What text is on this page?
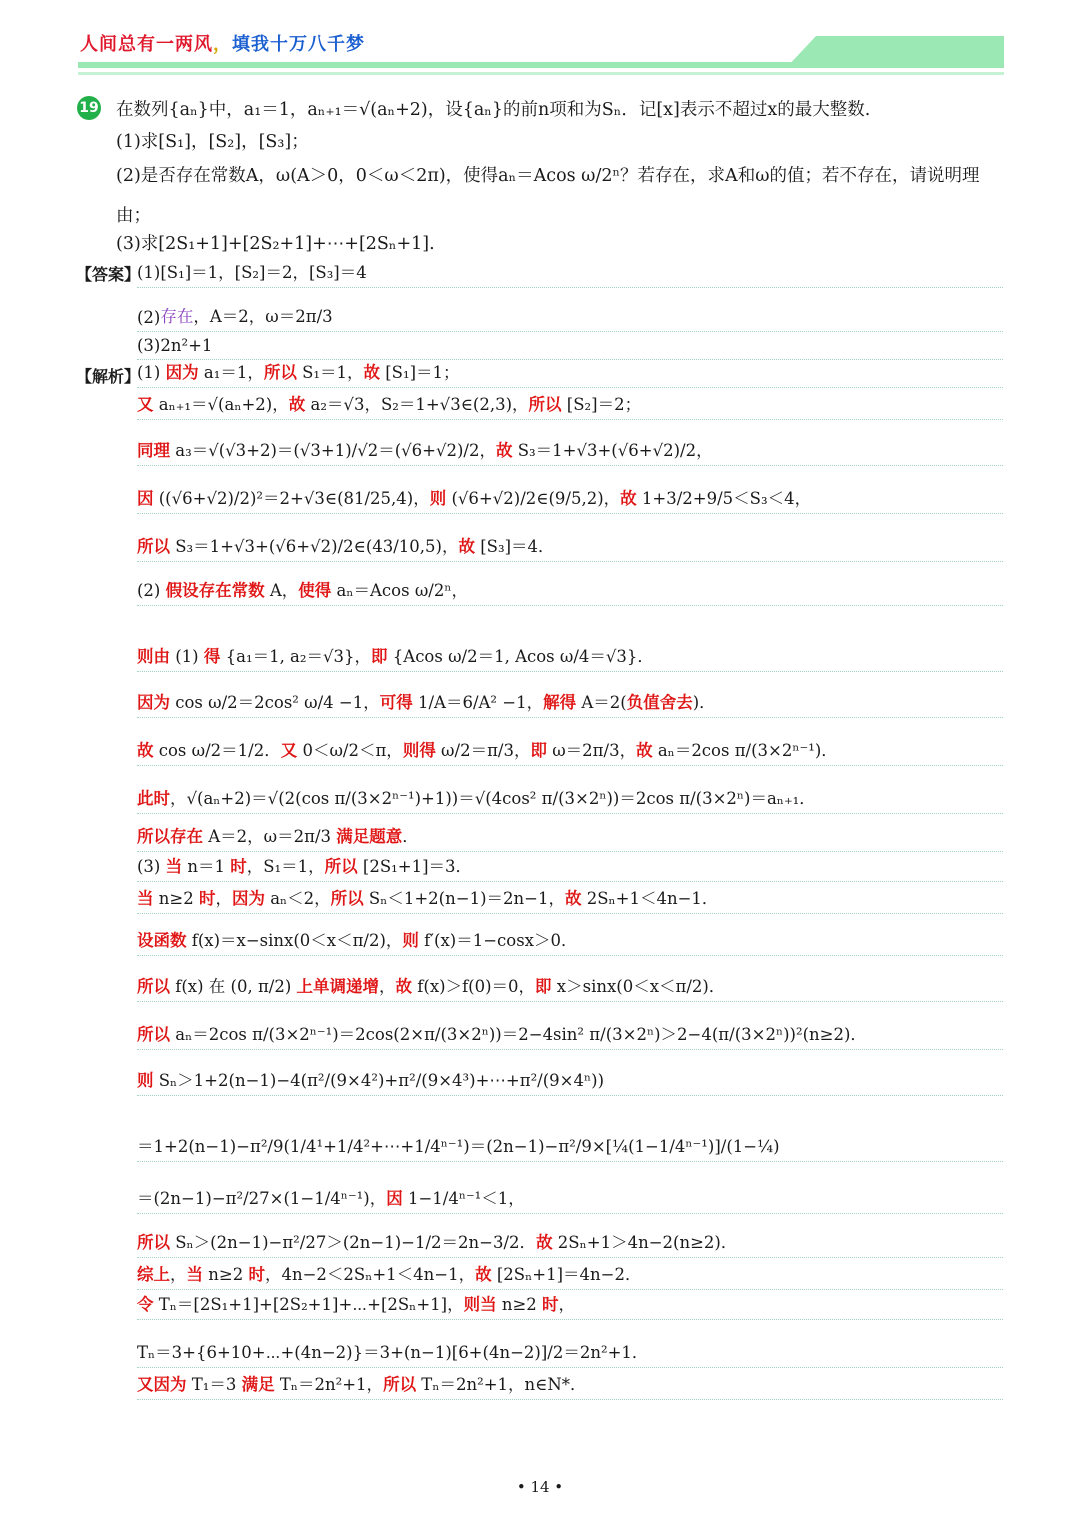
人间总有一两风，填我十万八千梦
19 在数列{aₙ}中，a₁＝1，aₙ₊₁＝√(aₙ+2)，设{aₙ}的前n项和为Sₙ．记[x]表示不超过x的最大整数.
(1)求[S₁]，[S₂]，[S₃]；
(2)是否存在常数A，ω(A＞0，0＜ω＜2π)，使得aₙ＝Acos ω/2ⁿ？若存在，求A和ω的值；若不存在，请说明理
由；
(3)求[2S₁+1]+[2S₂+1]+⋯+[2Sₙ+1].
【答案】
(1)[S₁]＝1，[S₂]＝2，[S₃]＝4
(2) 存在 ，A＝2，ω＝2π/3
(3)2n²+1
【解析】
(1) 因为 a₁＝1，所以 S₁＝1，故 [S₁]＝1；
又 aₙ₊₁＝√(aₙ+2)，故 a₂＝√3，S₂＝1+√3∈(2,3)，所以 [S₂]＝2；
同理 a₃＝√(√3+2)＝(√3+1)/√2＝(√6+√2)/2，故 S₃＝1+√3+(√6+√2)/2，
因 ((√6+√2)/2)²＝2+√3∈(81/25,4)，则 (√6+√2)/2∈(9/5,2)，故 1+3/2+9/5＜S₃＜4，
所以 S₃＝1+√3+(√6+√2)/2∈(43/10,5)，故 [S₃]＝4．
(2) 假设存在常数 A，使得 aₙ＝Acos ω/2ⁿ，
则由 (1) 得 {a₁＝1, a₂＝√3}，即 {Acos ω/2＝1, Acos ω/4＝√3}．
因为 cos ω/2＝2cos² ω/4 −1，可得 1/A＝6/A² −1，解得 A＝2(负值舍去)．
故 cos ω/2＝1/2．又 0＜ω/2＜π，则得 ω/2＝π/3，即 ω＝2π/3，故 aₙ＝2cos π/(3×2ⁿ⁻¹)．
此时，√(aₙ+2)＝√(2(cos π/(3×2ⁿ⁻¹)+1))＝√(4cos² π/(3×2ⁿ))＝2cos π/(3×2ⁿ)＝aₙ₊₁．
所以存在 A＝2，ω＝2π/3 满足题意．
(3) 当 n＝1 时，S₁＝1，所以 [2S₁+1]＝3．
当 n≥2 时，因为 aₙ＜2，所以 Sₙ＜1+2(n−1)＝2n−1，故 2Sₙ+1＜4n−1．
设函数 f(x)＝x−sinx(0＜x＜π/2)，则 f′(x)＝1−cosx＞0．
所以 f(x) 在 (0, π/2) 上单调递增，故 f(x)＞f(0)＝0，即 x＞sinx(0＜x＜π/2)．
所以 aₙ＝2cos π/(3×2ⁿ⁻¹)＝2cos(2×π/(3×2ⁿ))＝2−4sin² π/(3×2ⁿ)＞2−4(π/(3×2ⁿ))²(n≥2)．
则 Sₙ＞1+2(n−1)−4(π²/(9×4²)+π²/(9×4³)+⋯+π²/(9×4ⁿ))
＝1+2(n−1)−π²/9(1/4¹+1/4²+⋯+1/4ⁿ⁻¹)＝(2n−1)−π²/9×[¼(1−1/4ⁿ⁻¹)]/(1−¼)
＝(2n−1)−π²/27×(1−1/4ⁿ⁻¹)，因 1−1/4ⁿ⁻¹＜1，
所以 Sₙ＞(2n−1)−π²/27＞(2n−1)−1/2＝2n−3/2．故 2Sₙ+1＞4n−2(n≥2)．
综上，当 n≥2 时，4n−2＜2Sₙ+1＜4n−1，故 [2Sₙ+1]＝4n−2．
令 Tₙ＝[2S₁+1]+[2S₂+1]+⋯+[2Sₙ+1]，则当 n≥2 时，
Tₙ＝3+{6+10+⋯+(4n−2)}＝3+(n−1)[6+(4n−2)]/2＝2n²+1．
又因为 T₁＝3 满足 Tₙ＝2n²+1，所以 Tₙ＝2n²+1，n∈N*．
• 14 •
